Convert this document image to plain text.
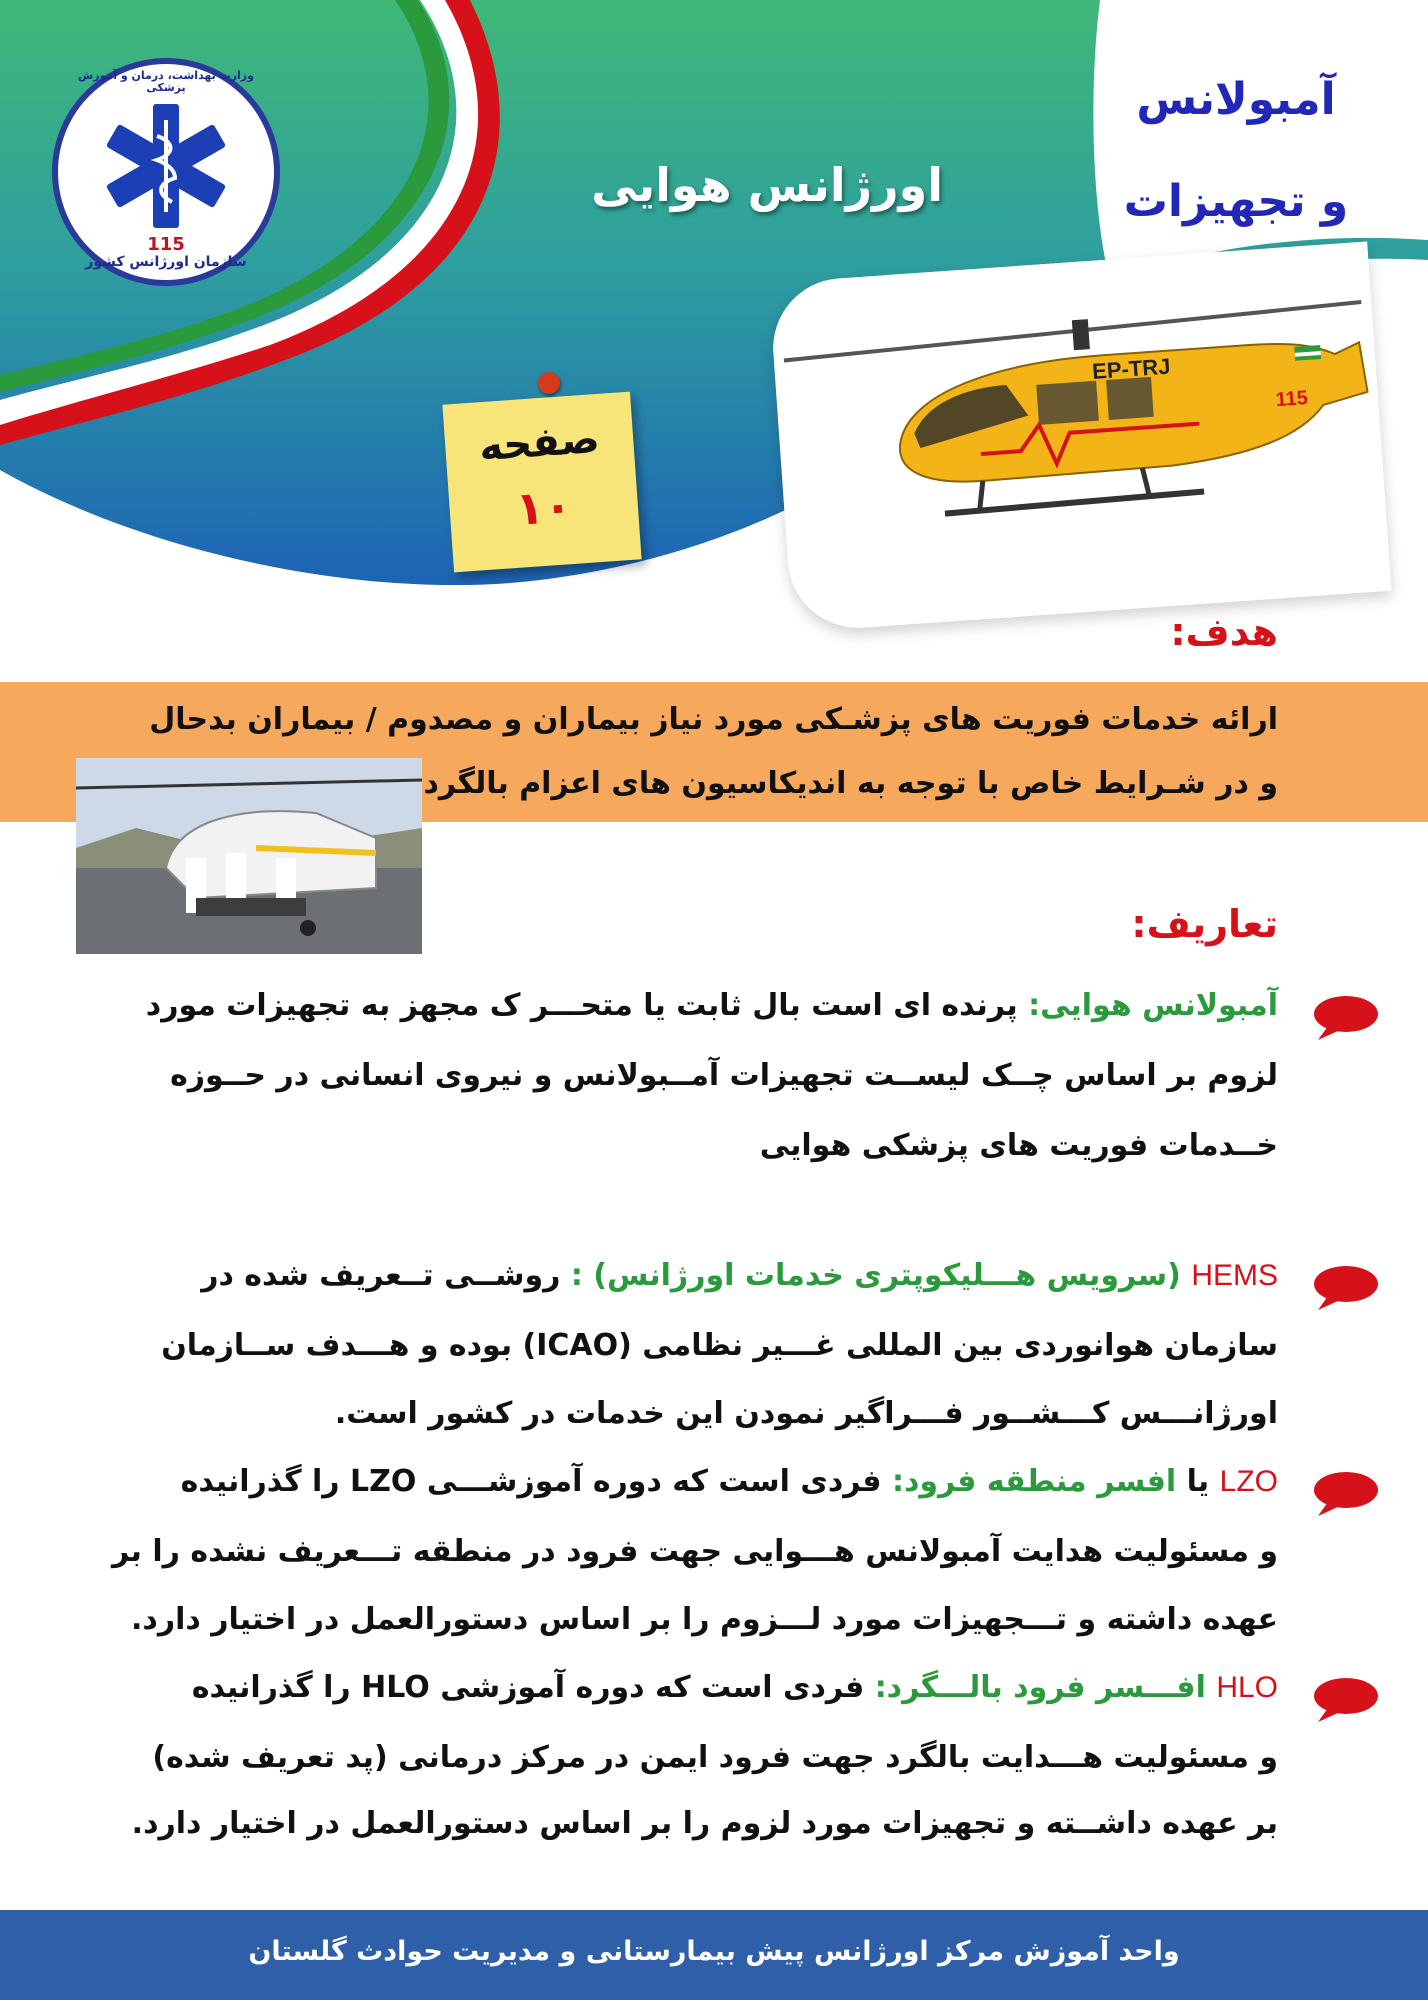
وزارت بهداشت، درمان و آموزش پزشکی
115
سازمان اورژانس کشور
اورژانس هوایی
آمبولانس
و تجهیزات
صفحه
۱۰
EP-TRJ
115
هدف:
ارائه خدمات فوریت های پزشـکی مورد نیاز بیماران و مصدوم / بیماران بدحال
و در شـرایط خاص با توجه به اندیکاسیون های اعزام بالگرد
تعاریف:
آمبولانس هوایی: پرنده ای است بال ثابت یا متحـــر ک مجهز به تجهیزات مورد
لزوم بر اساس چــک لیســت تجهیزات آمــبولانس و نیروی انسانی در حــوزه
خــدمات فوریت های پزشکی هوایی
HEMS (سرویس هـــلیکوپتری خدمات اورژانس) : روشــی تــعریف شده در
سازمان هوانوردی بین المللی غـــیر نظامی (ICAO) بوده و هـــدف ســازمان
اورژانـــس کـــشــور فـــراگیر نمودن این خدمات در کشور است.
LZO یا افسر منطقه فرود: فردی است که دوره آموزشـــی LZO را گذرانیده
و مسئولیت هدایت آمبولانس هـــوایی جهت فرود در منطقه تـــعریف نشده را بر
عهده داشته و تـــجهیزات مورد لـــزوم را بر اساس دستورالعمل در اختیار دارد.
HLO افـــسر فرود بالـــگرد: فردی است که دوره آموزشی HLO را گذرانیده
و مسئولیت هـــدایت بالگرد جهت فرود ایمن در مرکز درمانی (پد تعریف شده)
بر عهده داشــته و تجهیزات مورد لزوم را بر اساس دستورالعمل در اختیار دارد.
واحد آموزش مرکز اورژانس پیش بیمارستانی و مدیریت حوادث گلستان
